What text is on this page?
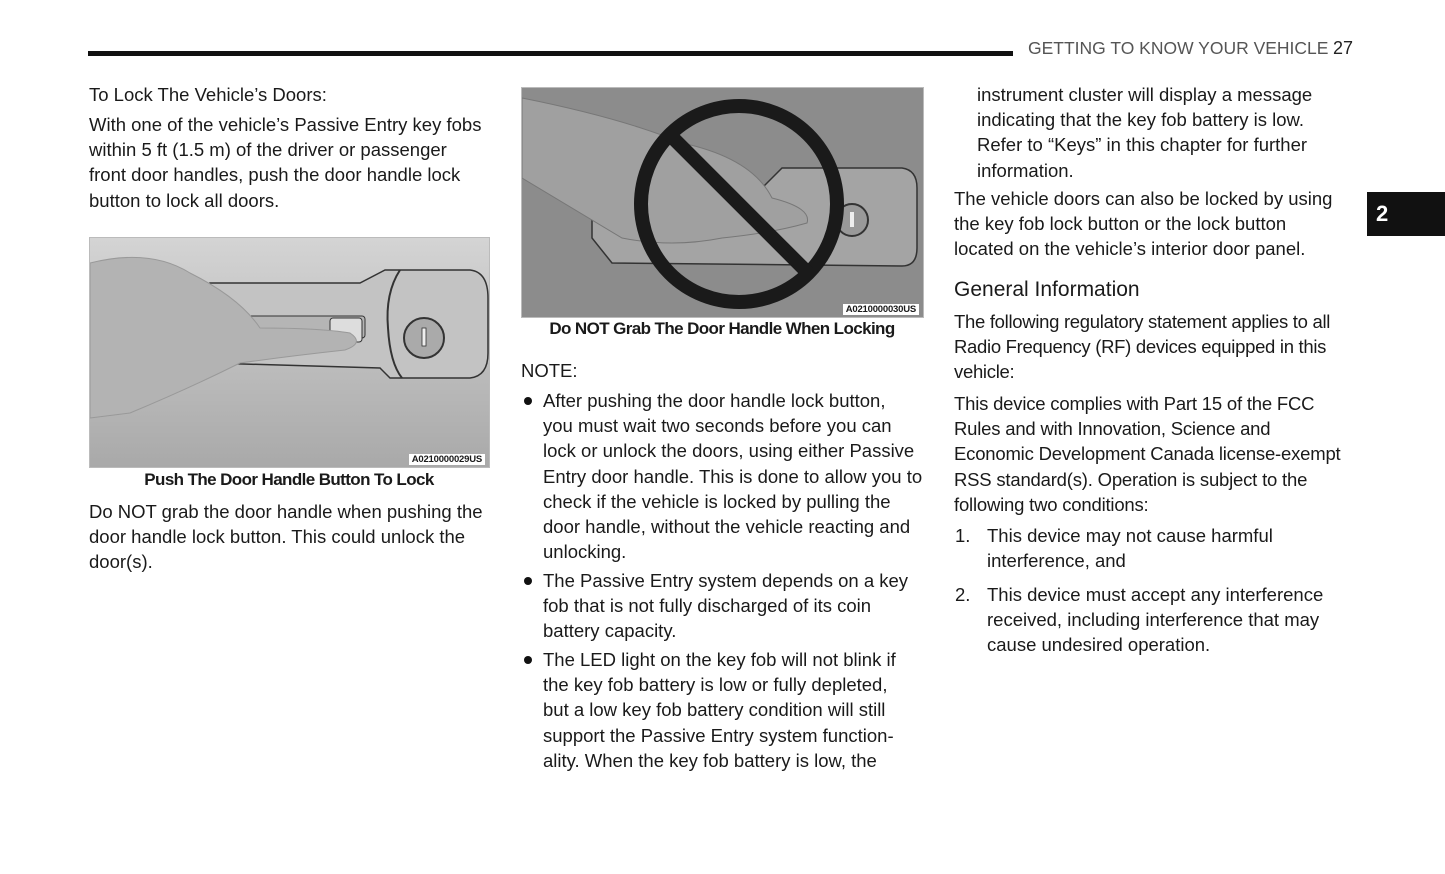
GETTING TO KNOW YOUR VEHICLE 27
2
To Lock The Vehicle’s Doors:
With one of the vehicle’s Passive Entry key fobs
within 5 ft (1.5 m) of the driver or passenger
front door handles, push the door handle lock
button to lock all doors.
A0210000029US
Push The Door Handle Button To Lock
Do NOT grab the door handle when pushing the
door handle lock button. This could unlock the
door(s).
A0210000030US
Do NOT Grab The Door Handle When Locking
NOTE:
After pushing the door handle lock button,
you must wait two seconds before you can
lock or unlock the doors, using either Passive
Entry door handle. This is done to allow you to
check if the vehicle is locked by pulling the
door handle, without the vehicle reacting and
unlocking.
The Passive Entry system depends on a key
fob that is not fully discharged of its coin
battery capacity.
The LED light on the key fob will not blink if
the key fob battery is low or fully depleted,
but a low key fob battery condition will still
support the Passive Entry system function-
ality. When the key fob battery is low, the
instrument cluster will display a message
indicating that the key fob battery is low.
Refer to “Keys” in this chapter for further
information.
The vehicle doors can also be locked by using
the key fob lock button or the lock button
located on the vehicle’s interior door panel.
General Information
The following regulatory statement applies to all
Radio Frequency (RF) devices equipped in this
vehicle:
This device complies with Part 15 of the FCC
Rules and with Innovation, Science and
Economic Development Canada license-exempt
RSS standard(s). Operation is subject to the
following two conditions:
1. This device may not cause harmful
interference, and
2. This device must accept any interference
received, including interference that may
cause undesired operation.
